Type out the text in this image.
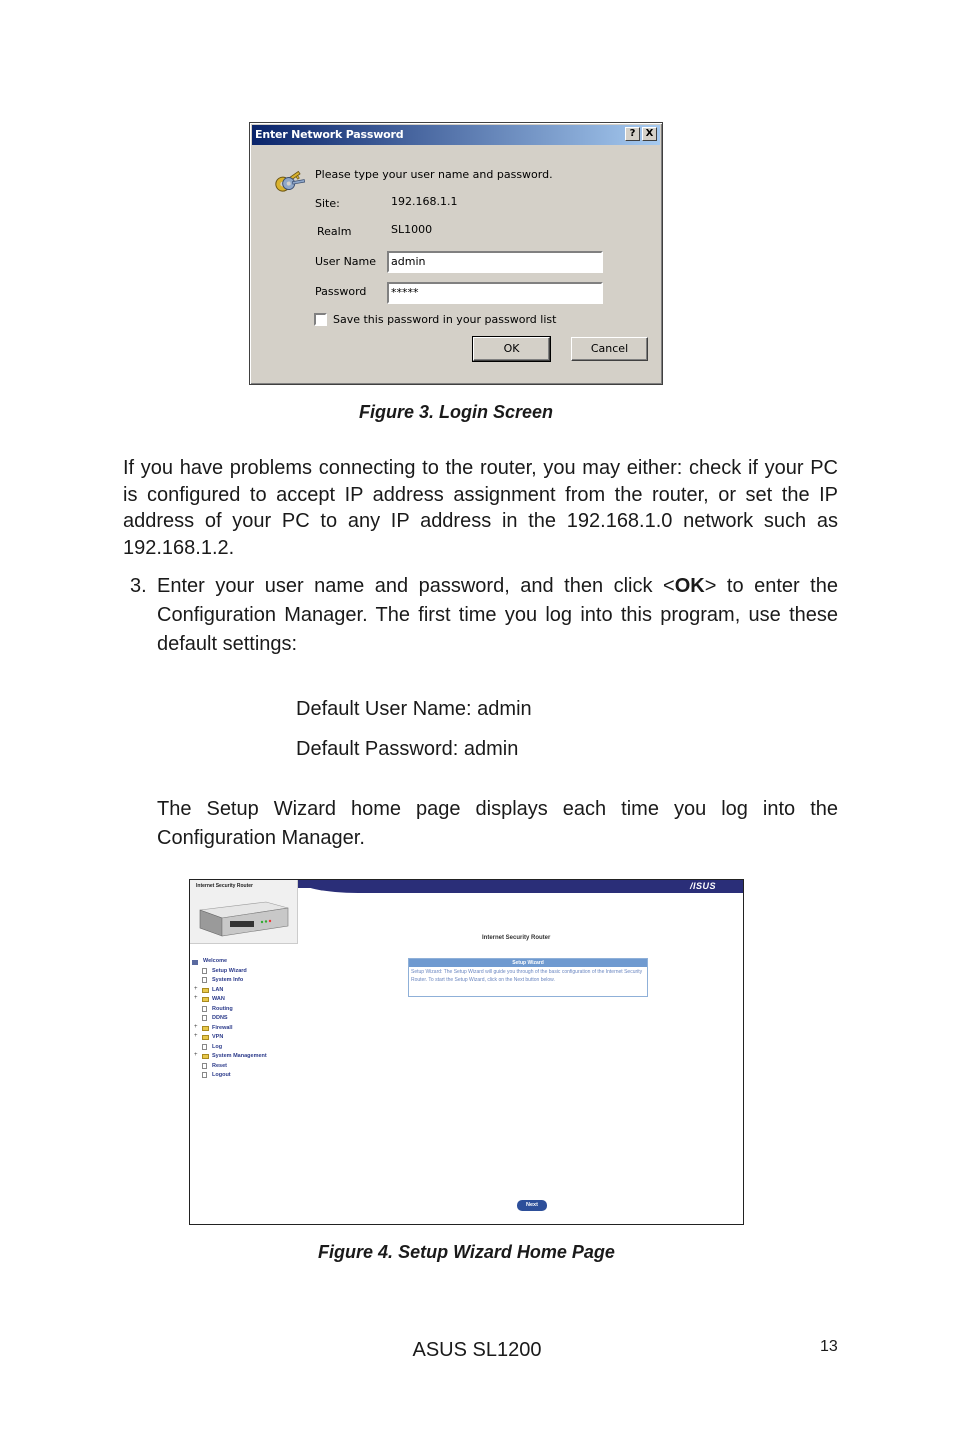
Enter Network Password	?	X
Please type your user name and password.
Site:	192.168.1.1
Realm	SL1000
User Name	admin
Password	*****
Save this password in your password list
OK	Cancel
Figure 3. Login Screen
If you have problems connecting to the router, you may either: check if your PC is configured to accept IP address assignment from the router, or set the IP address of your PC to any IP address in the 192.168.1.0 network such as 192.168.1.2.
3. Enter your user name and password, and then click <OK> to enter the Configuration Manager. The first time you log into this program, use these default settings:
Default User Name: admin
Default Password: admin
The Setup Wizard home page displays each time you log into the Configuration Manager.
/ISUS
Internet Security Router
Welcome
Setup Wizard
System Info
+	LAN
+	WAN
Routing
DDNS
+	Firewall
+	VPN
Log
+	System Management
Reset
Logout
Internet Security Router
Setup Wizard
Setup Wizard: The Setup Wizard will guide you through of the basic configuration of the Internet Security Router. To start the Setup Wizard, click on the Next button below.
Next
Figure 4. Setup Wizard Home Page
ASUS SL1200	13
